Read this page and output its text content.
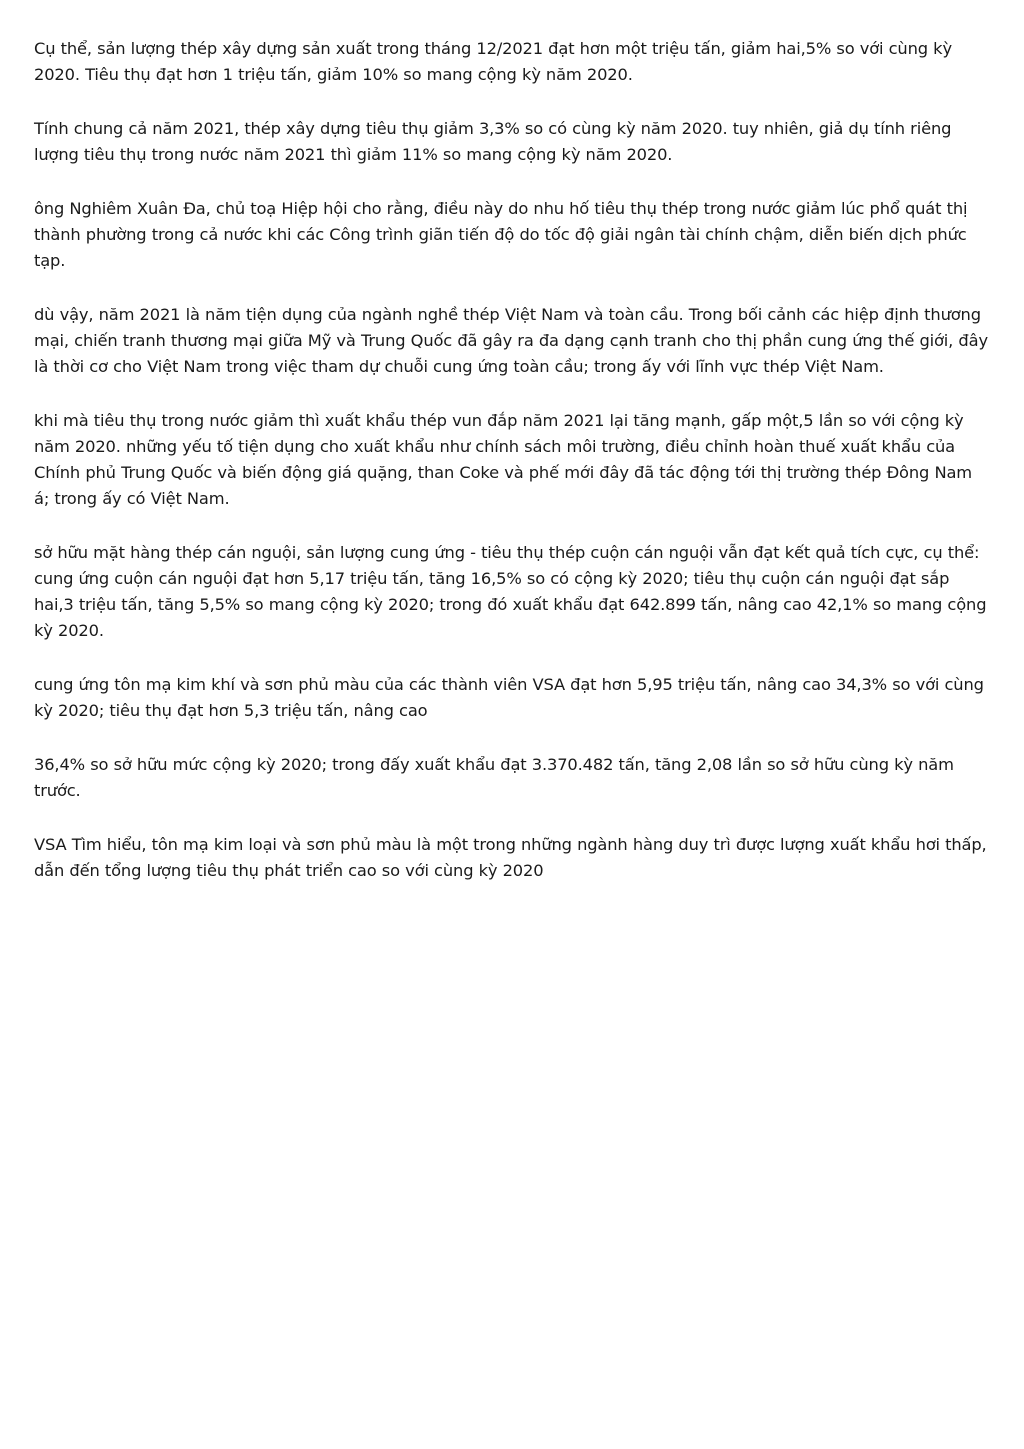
Cụ thể, sản lượng thép xây dựng sản xuất trong tháng 12/2021 đạt hơn một triệu tấn, giảm hai,5% so với cùng kỳ 2020. Tiêu thụ đạt hơn 1 triệu tấn, giảm 10% so mang cộng kỳ năm 2020.

Tính chung cả năm 2021, thép xây dựng tiêu thụ giảm 3,3% so có cùng kỳ năm 2020. tuy nhiên, giả dụ tính riêng lượng tiêu thụ trong nước năm 2021 thì giảm 11% so mang cộng kỳ năm 2020.

ông Nghiêm Xuân Đa, chủ toạ Hiệp hội cho rằng, điều này do nhu hố tiêu thụ thép trong nước giảm lúc phổ quát thị thành phường trong cả nước khi các Công trình giãn tiến độ do tốc độ giải ngân tài chính chậm, diễn biến dịch phức tạp.

dù vậy, năm 2021 là năm tiện dụng của ngành nghề thép Việt Nam và toàn cầu. Trong bối cảnh các hiệp định thương mại, chiến tranh thương mại giữa Mỹ và Trung Quốc đã gây ra đa dạng cạnh tranh cho thị phần cung ứng thế giới, đây là thời cơ cho Việt Nam trong việc tham dự chuỗi cung ứng toàn cầu; trong ấy với lĩnh vực thép Việt Nam.

khi mà tiêu thụ trong nước giảm thì xuất khẩu thép vun đắp năm 2021 lại tăng mạnh, gấp một,5 lần so với cộng kỳ năm 2020. những yếu tố tiện dụng cho xuất khẩu như chính sách môi trường, điều chỉnh hoàn thuế xuất khẩu của Chính phủ Trung Quốc và biến động giá quặng, than Coke và phế mới đây đã tác động tới thị trường thép Đông Nam á; trong ấy có Việt Nam.

sở hữu mặt hàng thép cán nguội, sản lượng cung ứng - tiêu thụ thép cuộn cán nguội vẫn đạt kết quả tích cực, cụ thể: cung ứng cuộn cán nguội đạt hơn 5,17 triệu tấn, tăng 16,5% so có cộng kỳ 2020; tiêu thụ cuộn cán nguội đạt sắp hai,3 triệu tấn, tăng 5,5% so mang cộng kỳ 2020; trong đó xuất khẩu đạt 642.899 tấn, nâng cao 42,1% so mang cộng kỳ 2020.

cung ứng tôn mạ kim khí và sơn phủ màu của các thành viên VSA đạt hơn 5,95 triệu tấn, nâng cao 34,3% so với cùng kỳ 2020; tiêu thụ đạt hơn 5,3 triệu tấn, nâng cao

36,4% so sở hữu mức cộng kỳ 2020; trong đấy xuất khẩu đạt 3.370.482 tấn, tăng 2,08 lần so sở hữu cùng kỳ năm trước.

VSA Tìm hiểu, tôn mạ kim loại và sơn phủ màu là một trong những ngành hàng duy trì được lượng xuất khẩu hơi thấp, dẫn đến tổng lượng tiêu thụ phát triển cao so với cùng kỳ 2020
